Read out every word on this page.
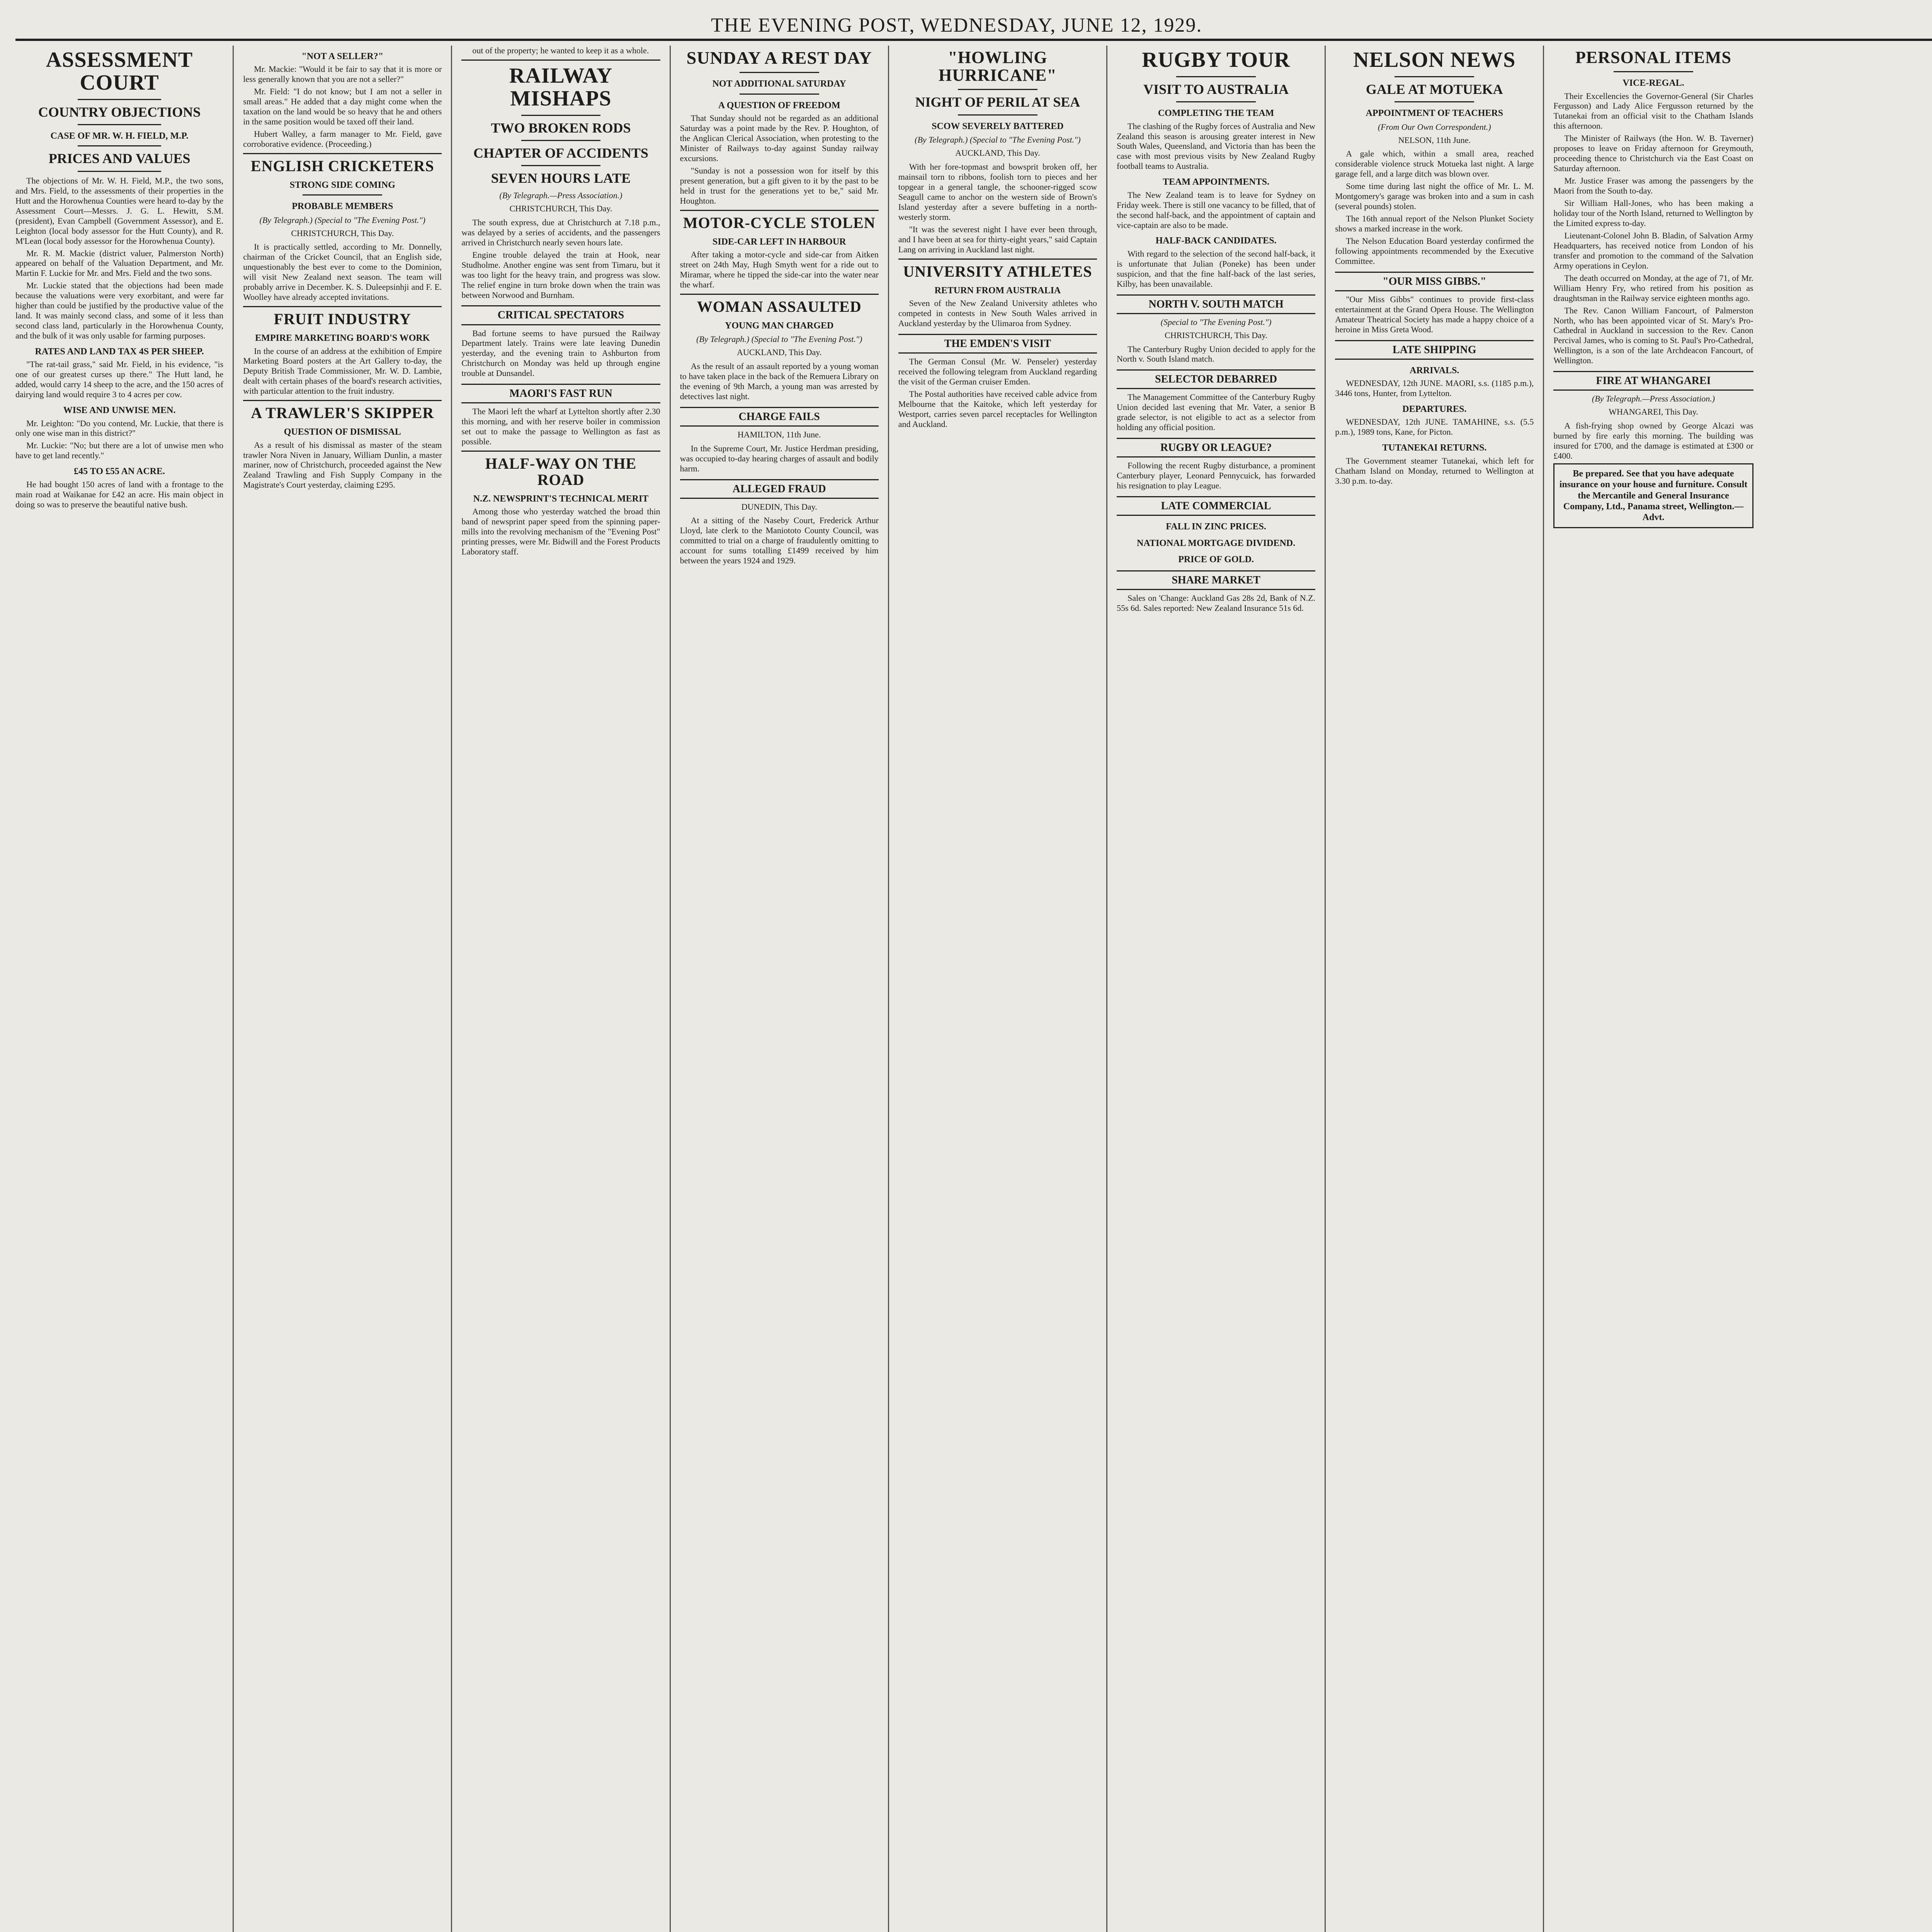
THE EVENING POST, WEDNESDAY, JUNE 12, 1929.
ASSESSMENT COURT
COUNTRY OBJECTIONS
CASE OF MR. W. H. FIELD, M.P.
PRICES AND VALUES

The objections of Mr. W. H. Field, M.P., the two sons, and Mrs. Field, to the assessments of their properties in the Hutt and the Horowhenua Counties were heard to-day by the Assessment Court—Messrs. J. G. L. Hewitt, S.M. (president), Evan Campbell (Government Assessor), and E. Leighton (local body assessor for the Hutt County), and R. M'Lean (local body assessor for the Horowhenua County).

Mr. R. M. Mackie (district valuer, Palmerston North) appeared on behalf of the Valuation Department, and Mr. Martin F. Luckie for Mr. and Mrs. Field and the two sons.

Mr. Luckie stated that the objections had been made because the valuations were very exorbitant, and were far higher than could be justified by the productive value of the land. It was mainly second class, and some of it less than second class land, particularly in the Horowhenua County, and the bulk of it was only usable for farming purposes.

RATES AND LAND TAX 4S PER SHEEP.

"The rat-tail grass," said Mr. Field, in his evidence, "is one of our greatest curses up there." The Hutt land, he added, would carry 14 sheep to the acre, and the 150 acres of dairying land would require 3 to 4 acres per cow.

WISE AND UNWISE MEN.

Mr. Leighton: "Do you contend, Mr. Luckie, that there is only one wise man in this district?"

Mr. Luckie: "No; but there are a lot of unwise men who have to get land recently."

£45 TO £55 AN ACRE.

He had bought 150 acres of land with a frontage to the main road at Waikanae for £42 an acre. His main object in doing so was to preserve the beautiful native bush.

"NOT A SELLER?"

Mr. Mackie: "Would it be fair to say that it is more or less generally known that you are not a seller?"

Mr. Field: "I do not know; but I am not a seller in small areas." He added that a day might come when the taxation on the land would be so heavy that he and others in the same position would be taxed off their land.

Hubert Walley, a farm manager to Mr. Field, gave corroborative evidence. (Proceeding.)

ENGLISH CRICKETERS
STRONG SIDE COMING
PROBABLE MEMBERS
(By Telegraph.) (Special to "The Evening Post.")
CHRISTCHURCH, This Day.

It is practically settled, according to Mr. Donnelly, chairman of the Cricket Council, that an English side, unquestionably the best ever to come to the Dominion, will visit New Zealand next season. The team will probably arrive in December. K. S. Duleepsinhji and F. E. Woolley have already accepted invitations.

FRUIT INDUSTRY
EMPIRE MARKETING BOARD'S WORK

In the course of an address at the exhibition of Empire Marketing Board posters at the Art Gallery to-day, the Deputy British Trade Commissioner, Mr. W. D. Lambie, dealt with certain phases of the board's research activities, with particular attention to the fruit industry.

A TRAWLER'S SKIPPER
QUESTION OF DISMISSAL

As a result of his dismissal as master of the steam trawler Nora Niven in January, William Dunlin, a master mariner, now of Christchurch, proceeded against the New Zealand Trawling and Fish Supply Company in the Magistrate's Court yesterday, claiming £295.

out of the property; he wanted to keep it as a whole.

RAILWAY MISHAPS
TWO BROKEN RODS
CHAPTER OF ACCIDENTS
SEVEN HOURS LATE
(By Telegraph.—Press Association.)
CHRISTCHURCH, This Day.

The south express, due at Christchurch at 7.18 p.m., was delayed by a series of accidents, and the passengers arrived in Christchurch nearly seven hours late.

Engine trouble delayed the train at Hook, near Studholme. Another engine was sent from Timaru, but it was too light for the heavy train, and progress was slow. The relief engine in turn broke down when the train was between Norwood and Burnham.

CRITICAL SPECTATORS

Bad fortune seems to have pursued the Railway Department lately. Trains were late leaving Dunedin yesterday, and the evening train to Ashburton from Christchurch on Monday was held up through engine trouble at Dunsandel.

MAORI'S FAST RUN

The Maori left the wharf at Lyttelton shortly after 2.30 this morning, and with her reserve boiler in commission set out to make the passage to Wellington as fast as possible.

HALF-WAY ON THE ROAD
N.Z. NEWSPRINT'S TECHNICAL MERIT

Among those who yesterday watched the broad thin band of newsprint paper speed from the spinning paper-mills into the revolving mechanism of the "Evening Post" printing presses, were Mr. Bidwill and the Forest Products Laboratory staff.

SUNDAY A REST DAY
NOT ADDITIONAL SATURDAY
A QUESTION OF FREEDOM

That Sunday should not be regarded as an additional Saturday was a point made by the Rev. P. Houghton, of the Anglican Clerical Association, when protesting to the Minister of Railways to-day against Sunday railway excursions.

"Sunday is not a possession won for itself by this present generation, but a gift given to it by the past to be held in trust for the generations yet to be," said Mr. Houghton.

MOTOR-CYCLE STOLEN
SIDE-CAR LEFT IN HARBOUR

After taking a motor-cycle and side-car from Aitken street on 24th May, Hugh Smyth went for a ride out to Miramar, where he tipped the side-car into the water near the wharf.

WOMAN ASSAULTED
YOUNG MAN CHARGED
(By Telegraph.) (Special to "The Evening Post.")
AUCKLAND, This Day.

As the result of an assault reported by a young woman to have taken place in the back of the Remuera Library on the evening of 9th March, a young man was arrested by detectives last night.

CHARGE FAILS
HAMILTON, 11th June.

In the Supreme Court, Mr. Justice Herdman presiding, was occupied to-day hearing charges of assault and bodily harm.

ALLEGED FRAUD
DUNEDIN, This Day.

At a sitting of the Naseby Court, Frederick Arthur Lloyd, late clerk to the Maniototo County Council, was committed to trial on a charge of fraudulently omitting to account for sums totalling £1499 received by him between the years 1924 and 1929.

"HOWLING HURRICANE"
NIGHT OF PERIL AT SEA
SCOW SEVERELY BATTERED
(By Telegraph.) (Special to "The Evening Post.")
AUCKLAND, This Day.

With her fore-topmast and bowsprit broken off, her mainsail torn to ribbons, foolish torn to pieces and her topgear in a general tangle, the schooner-rigged scow Seagull came to anchor on the western side of Brown's Island yesterday after a severe buffeting in a north-westerly storm.

"It was the severest night I have ever been through, and I have been at sea for thirty-eight years," said Captain Lang on arriving in Auckland last night.

UNIVERSITY ATHLETES
RETURN FROM AUSTRALIA

Seven of the New Zealand University athletes who competed in contests in New South Wales arrived in Auckland yesterday by the Ulimaroa from Sydney.

THE EMDEN'S VISIT

The German Consul (Mr. W. Penseler) yesterday received the following telegram from Auckland regarding the visit of the German cruiser Emden.

The Postal authorities have received cable advice from Melbourne that the Kaitoke, which left yesterday for Westport, carries seven parcel receptacles for Wellington and Auckland.

RUGBY TOUR
VISIT TO AUSTRALIA
COMPLETING THE TEAM

The clashing of the Rugby forces of Australia and New Zealand this season is arousing greater interest in New South Wales, Queensland, and Victoria than has been the case with most previous visits by New Zealand Rugby football teams to Australia.

TEAM APPOINTMENTS.

The New Zealand team is to leave for Sydney on Friday week. There is still one vacancy to be filled, that of the second half-back, and the appointment of captain and vice-captain are also to be made.

HALF-BACK CANDIDATES.

With regard to the selection of the second half-back, it is unfortunate that Julian (Poneke) has been under suspicion, and that the fine half-back of the last series, Kilby, has been unavailable.

NORTH V. SOUTH MATCH
(Special to "The Evening Post.")
CHRISTCHURCH, This Day.

The Canterbury Rugby Union decided to apply for the North v. South Island match.

SELECTOR DEBARRED

The Management Committee of the Canterbury Rugby Union decided last evening that Mr. Vater, a senior B grade selector, is not eligible to act as a selector from holding any official position.

RUGBY OR LEAGUE?

Following the recent Rugby disturbance, a prominent Canterbury player, Leonard Pennycuick, has forwarded his resignation to play League.

LATE COMMERCIAL
FALL IN ZINC PRICES.
NATIONAL MORTGAGE DIVIDEND.
PRICE OF GOLD.
SHARE MARKET

Sales on 'Change: Auckland Gas 28s 2d, Bank of N.Z. 55s 6d. Sales reported: New Zealand Insurance 51s 6d.

NELSON NEWS
GALE AT MOTUEKA
APPOINTMENT OF TEACHERS
(From Our Own Correspondent.)
NELSON, 11th June.

A gale which, within a small area, reached considerable violence struck Motueka last night. A large garage fell, and a large ditch was blown over.

Some time during last night the office of Mr. L. M. Montgomery's garage was broken into and a sum in cash (several pounds) stolen.

The 16th annual report of the Nelson Plunket Society shows a marked increase in the work.

The Nelson Education Board yesterday confirmed the following appointments recommended by the Executive Committee.

"OUR MISS GIBBS."

"Our Miss Gibbs" continues to provide first-class entertainment at the Grand Opera House. The Wellington Amateur Theatrical Society has made a happy choice of a heroine in Miss Greta Wood.

LATE SHIPPING
ARRIVALS.

WEDNESDAY, 12th JUNE. MAORI, s.s. (1185 p.m.), 3446 tons, Hunter, from Lyttelton.

DEPARTURES.

WEDNESDAY, 12th JUNE. TAMAHINE, s.s. (5.5 p.m.), 1989 tons, Kane, for Picton.

TUTANEKAI RETURNS.

The Government steamer Tutanekai, which left for Chatham Island on Monday, returned to Wellington at 3.30 p.m. to-day.

PERSONAL ITEMS
VICE-REGAL.

Their Excellencies the Governor-General (Sir Charles Fergusson) and Lady Alice Fergusson returned by the Tutanekai from an official visit to the Chatham Islands this afternoon.

The Minister of Railways (the Hon. W. B. Taverner) proposes to leave on Friday afternoon for Greymouth, proceeding thence to Christchurch via the East Coast on Saturday afternoon.

Mr. Justice Fraser was among the passengers by the Maori from the South to-day.

Sir William Hall-Jones, who has been making a holiday tour of the North Island, returned to Wellington by the Limited express to-day.

Lieutenant-Colonel John B. Bladin, of Salvation Army Headquarters, has received notice from London of his transfer and promotion to the command of the Salvation Army operations in Ceylon.

The death occurred on Monday, at the age of 71, of Mr. William Henry Fry, who retired from his position as draughtsman in the Railway service eighteen months ago.

The Rev. Canon William Fancourt, of Palmerston North, who has been appointed vicar of St. Mary's Pro-Cathedral in Auckland in succession to the Rev. Canon Percival James, who is coming to St. Paul's Pro-Cathedral, Wellington, is a son of the late Archdeacon Fancourt, of Wellington.

FIRE AT WHANGAREI
(By Telegraph.—Press Association.)
WHANGAREI, This Day.

A fish-frying shop owned by George Alcazi was burned by fire early this morning. The building was insured for £700, and the damage is estimated at £300 or £400.

Be prepared. See that you have adequate insurance on your house and furniture. Consult the Mercantile and General Insurance Company, Ltd., Panama street, Wellington.—Advt.
